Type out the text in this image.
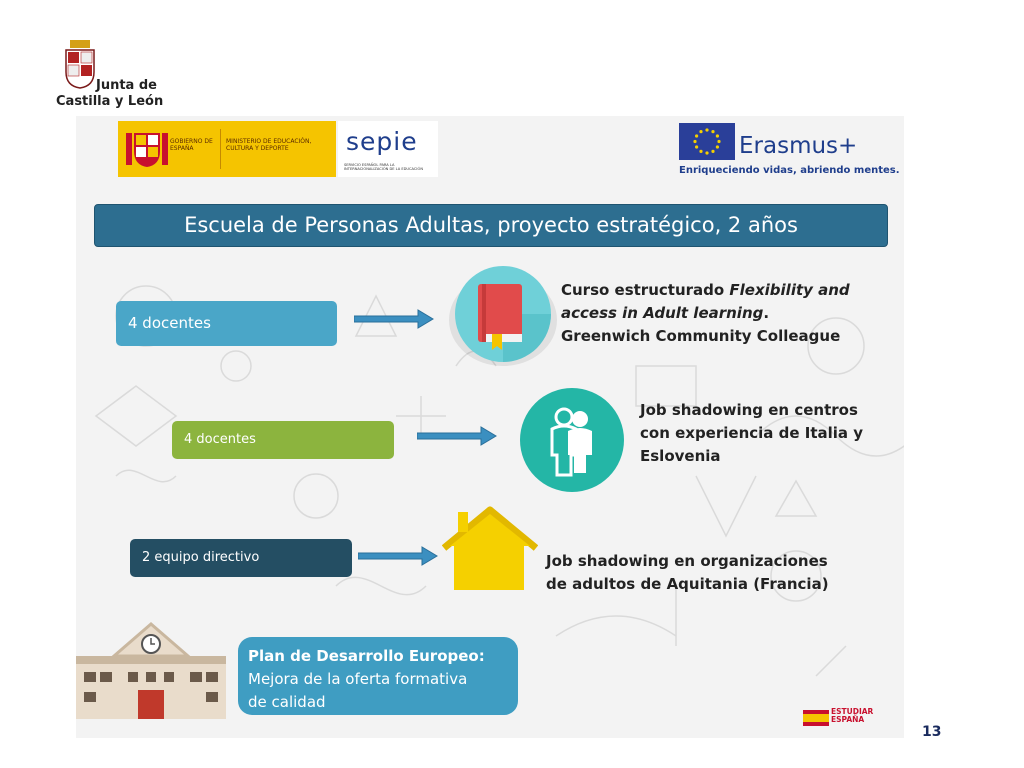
Junta de
Castilla y León
GOBIERNO DE ESPAÑA
MINISTERIO DE EDUCACIÓN, CULTURA Y DEPORTE	sepie
SERVICIO ESPAÑOL PARA LA INTERNACIONALIZACIÓN DE LA EDUCACIÓN
Erasmus+
Enriqueciendo vidas, abriendo mentes.
Escuela de Personas Adultas, proyecto estratégico, 2 años
4 docentes
Curso estructurado Flexibility and
access in Adult learning.
Greenwich Community Colleague
4 docentes
Job shadowing en centros
con experiencia de Italia y
Eslovenia
2 equipo directivo	Job shadowing en organizaciones
de adultos de Aquitania (Francia)
Plan de Desarrollo Europeo:
Mejora de la oferta formativa
de calidad
ESTUDIAR
ESPAÑA
13
